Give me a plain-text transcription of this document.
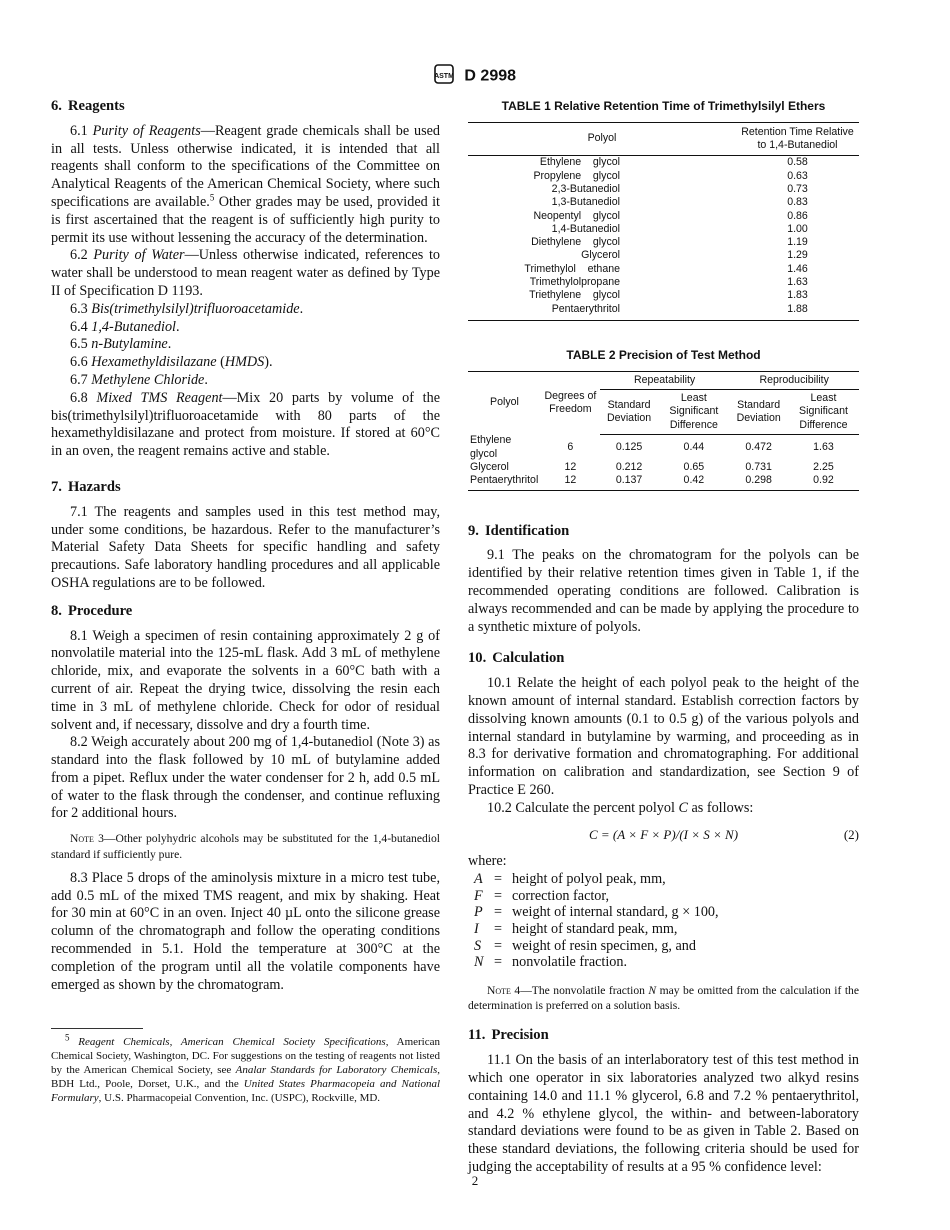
ASTM D 2998
6. Reagents

6.1 Purity of Reagents—Reagent grade chemicals shall be used in all tests. Unless otherwise indicated, it is intended that all reagents shall conform to the specifications of the Committee on Analytical Reagents of the American Chemical Society, where such specifications are available.$^5$ Other grades may be used, provided it is first ascertained that the reagent is of sufficiently high purity to permit its use without lessening the accuracy of the determination.

6.2 Purity of Water—Unless otherwise indicated, references to water shall be understood to mean reagent water as defined by Type II of Specification D 1193.

6.3 Bis(trimethylsilyl)trifluoroacetamide.

6.4 1,4-Butanediol.

6.5 n-Butylamine.

6.6 Hexamethyldisilazane (HMDS).

6.7 Methylene Chloride.

6.8 Mixed TMS Reagent—Mix 20 parts by volume of the bis(trimethylsilyl)trifluoroacetamide with 80 parts of the hexamethyldisilazane and protect from moisture. If stored at 60°C in an oven, the reagent remains active and stable.

7. Hazards

7.1 The reagents and samples used in this test method may, under some conditions, be hazardous. Refer to the manufacturer’s Material Safety Data Sheets for specific handling and safety precautions. Safe laboratory handling procedures and all applicable OSHA regulations are to be followed.

8. Procedure

8.1 Weigh a specimen of resin containing approximately 2 g of nonvolatile material into the 125-mL flask. Add 3 mL of methylene chloride, mix, and evaporate the solvents in a 60°C bath with a current of air. Repeat the drying twice, dissolving the resin each time in 3 mL of methylene chloride. Check for odor of residual solvent and, if necessary, dissolve and dry a fourth time.

8.2 Weigh accurately about 200 mg of 1,4-butanediol (Note 3) as standard into the flask followed by 10 mL of butylamine added from a pipet. Reflux under the water condenser for 2 h, add 0.5 mL of water to the flask through the condenser, and continue refluxing for 2 additional hours.

Note 3—Other polyhydric alcohols may be substituted for the 1,4-butanediol standard if sufficiently pure.

8.3 Place 5 drops of the aminolysis mixture in a micro test tube, add 0.5 mL of the mixed TMS reagent, and mix by shaking. Heat for 30 min at 60°C in an oven. Inject 40 µL onto the silicone grease column of the chromatograph and follow the operating conditions recommended in 5.1. Hold the temperature at 300°C at the completion of the program until all the volatile components have emerged as shown by the chromatogram.

$^5$ Reagent Chemicals, American Chemical Society Specifications, American Chemical Society, Washington, DC. For suggestions on the testing of reagents not listed by the American Chemical Society, see Analar Standards for Laboratory Chemicals, BDH Ltd., Poole, Dorset, U.K., and the United States Pharmacopeia and National Formulary, U.S. Pharmacopeial Convention, Inc. (USPC), Rockville, MD.

TABLE 1 Relative Retention Time of Trimethylsilyl Ethers
Polyol	Retention Time Relative to 1,4-Butanediol
Ethylene    glycol	0.58
Propylene    glycol	0.63
2,3-Butanediol	0.73
1,3-Butanediol	0.83
Neopentyl    glycol	0.86
1,4-Butanediol	1.00
Diethylene    glycol	1.19
Glycerol	1.29
Trimethylol    ethane	1.46
Trimethylolpropane	1.63
Triethylene    glycol	1.83
Pentaerythritol	1.88
TABLE 2 Precision of Test Method
Polyol	Degrees of Freedom	Repeatability		Reproducibility	
		Standard Deviation	Least Significant Difference	Standard Deviation	Least Significant Difference
Ethylene glycol	6	0.125	0.44	0.472	1.63
Glycerol	12	0.212	0.65	0.731	2.25
Pentaerythritol	12	0.137	0.42	0.298	0.92
9. Identification

9.1 The peaks on the chromatogram for the polyols can be identified by their relative retention times given in Table 1, if the recommended operating conditions are followed. Calibration is always recommended and can be made by applying the procedure to a synthetic mixture of polyols.

10. Calculation

10.1 Relate the height of each polyol peak to the height of the known amount of internal standard. Establish correction factors by dissolving known amounts (0.1 to 0.5 g) of the various polyols and internal standard in butylamine by warming, and proceeding as in 8.3 for derivative formation and chromatographing. For additional information on calibration and standardization, see Section 9 of Practice E 260.

10.2 Calculate the percent polyol C as follows:

C = (A × F × P)/(I × S × N)	(2)

where:

A = height of polyol peak, mm,
F = correction factor,
P = weight of internal standard, g × 100,
I	= height of standard peak, mm,
S = weight of resin specimen, g, and
N = nonvolatile fraction.

Note 4—The nonvolatile fraction N may be omitted from the calculation if the determination is preferred on a solution basis.

11. Precision

11.1 On the basis of an interlaboratory test of this test method in which one operator in six laboratories analyzed two alkyd resins containing 14.0 and 11.1 % glycerol, 6.8 and 7.2 % pentaerythritol, and 4.2 % ethylene glycol, the within- and between-laboratory standard deviations were found to be as given in Table 2. Based on these standard deviations, the following criteria should be used for judging the acceptability of results at a 95 % confidence level:

2
